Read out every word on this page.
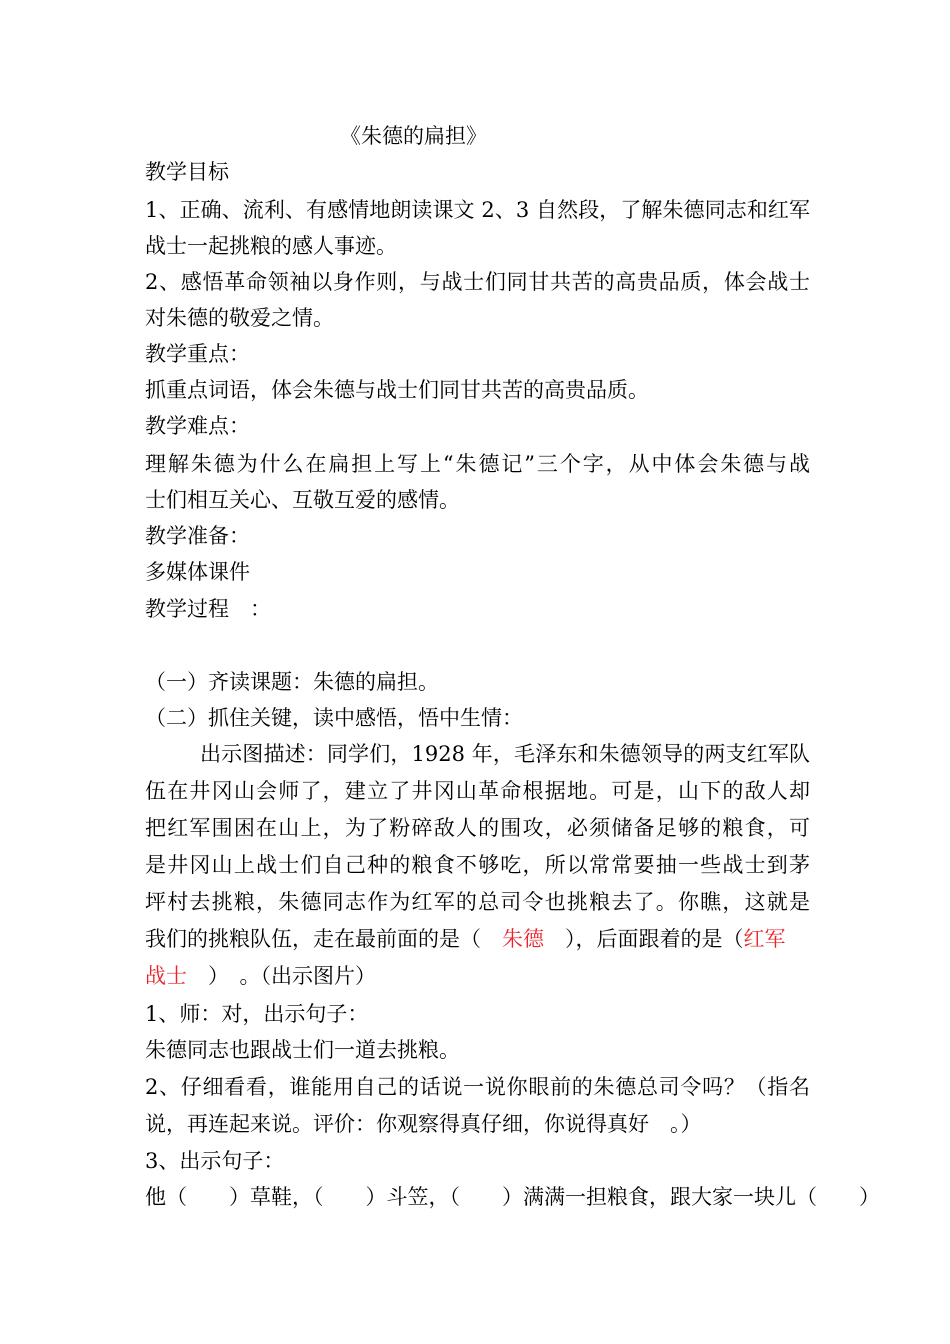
《朱德的扁担》
教学目标
1、正确、流利、有感情地朗读课文 2、3 自然段，了解朱德同志和红军
战士一起挑粮的感人事迹。
2、感悟革命领袖以身作则，与战士们同甘共苦的高贵品质，体会战士
对朱德的敬爱之情。
教学重点：
抓重点词语，体会朱德与战士们同甘共苦的高贵品质。
教学难点：
理解朱德为什么在扁担上写上“朱德记”三个字，从中体会朱德与战
士们相互关心、互敬互爱的感情。
教学准备：
多媒体课件
教学过程　：
（一）齐读课题：朱德的扁担。
（二）抓住关键，读中感悟，悟中生情：
出示图描述：同学们，1928 年，毛泽东和朱德领导的两支红军队
伍在井冈山会师了，建立了井冈山革命根据地。可是，山下的敌人却
把红军围困在山上，为了粉碎敌人的围攻，必须储备足够的粮食，可
是井冈山上战士们自己种的粮食不够吃，所以常常要抽一些战士到茅
坪村去挑粮，朱德同志作为红军的总司令也挑粮去了。你瞧，这就是
我们的挑粮队伍，走在最前面的是（　朱德　），后面跟着的是（红军
战士　）　。（出示图片）
1、师：对，出示句子：
朱德同志也跟战士们一道去挑粮。
2、仔细看看，谁能用自己的话说一说你眼前的朱德总司令吗？（指名
说，再连起来说。评价：你观察得真仔细，你说得真好　。）
3、出示句子：
他（　　）草鞋，（　　）斗笠，（　　）满满一担粮食，跟大家一块儿（　　）
